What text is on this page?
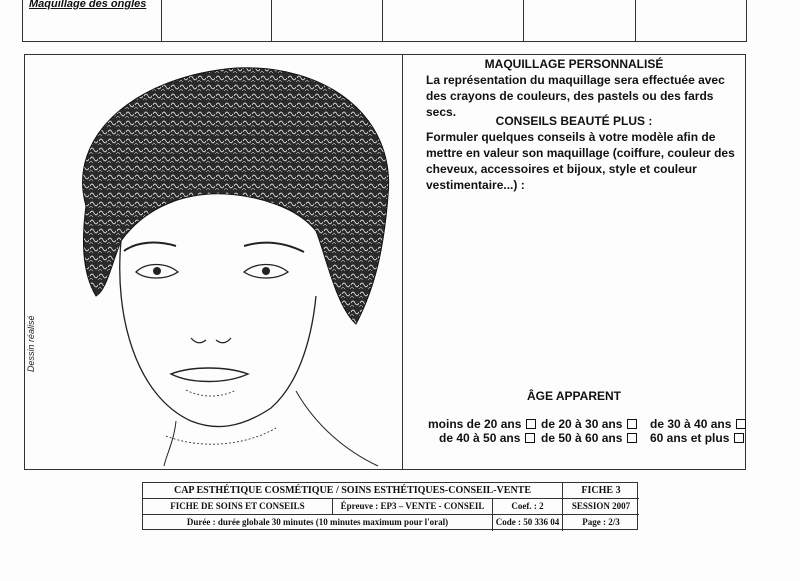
Maquillage des ongles
Dessin réalisé
MAQUILLAGE PERSONNALISÉ
La représentation du maquillage sera effectuée avec des crayons de couleurs, des pastels ou des fards secs.
CONSEILS BEAUTÉ PLUS :
Formuler quelques conseils à votre modèle afin de mettre en valeur son maquillage (coiffure, couleur des cheveux, accessoires et bijoux, style et couleur vestimentaire...) :
ÂGE APPARENT
moins de 20 ans	de 20 à 30 ans	de 30 à 40 ans
de 40 à 50 ans	de 50 à 60 ans	60 ans et plus
CAP ESTHÉTIQUE COSMÉTIQUE / SOINS ESTHÉTIQUES-CONSEIL-VENTE	FICHE 3
FICHE DE SOINS ET CONSEILS	Épreuve : EP3 – VENTE - CONSEIL	Coef. : 2	SESSION 2007
Durée : durée globale 30 minutes (10 minutes maximum pour l'oral)	Code : 50 336 04	Page : 2/3
